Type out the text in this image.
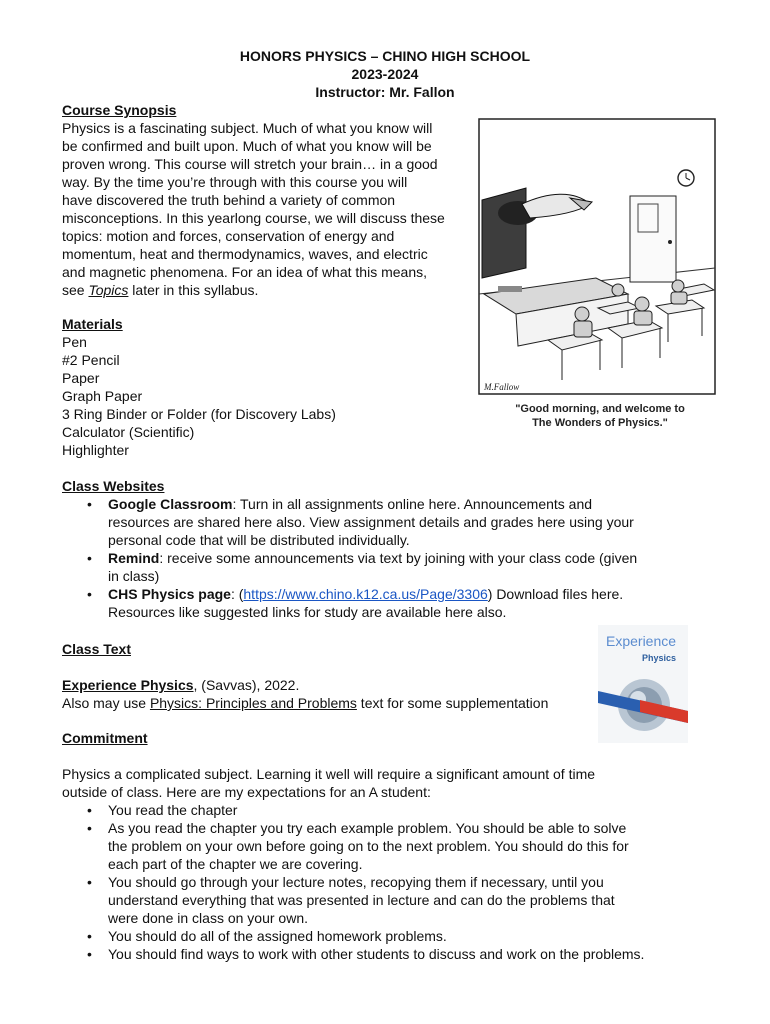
HONORS PHYSICS – CHINO HIGH SCHOOL
2023-2024
Instructor: Mr. Fallon
Course Synopsis
Physics is a fascinating subject. Much of what you know will
be confirmed and built upon. Much of what you know will be
proven wrong. This course will stretch your brain… in a good
way. By the time you’re through with this course you will
have discovered the truth behind a variety of common
misconceptions. In this yearlong course, we will discuss these
topics: motion and forces, conservation of energy and
momentum, heat and thermodynamics, waves, and electric
and magnetic phenomena. For an idea of what this means,
see Topics later in this syllabus.
M.Fallow
"Good morning, and welcome to
The Wonders of Physics."
Materials
Pen
#2 Pencil
Paper
Graph Paper
3 Ring Binder or Folder (for Discovery Labs)
Calculator (Scientific)
Highlighter
Class Websites
• Google Classroom: Turn in all assignments online here. Announcements and
resources are shared here also. View assignment details and grades here using your
personal code that will be distributed individually.
• Remind: receive some announcements via text by joining with your class code (given
in class)
• CHS Physics page: (https://www.chino.k12.ca.us/Page/3306) Download files here.
Resources like suggested links for study are available here also.
Class Text
Experience Physics, (Savvas), 2022.
Also may use Physics: Principles and Problems text for some supplementation
Experience
Physics
Commitment
Physics a complicated subject. Learning it well will require a significant amount of time
outside of class. Here are my expectations for an A student:
• You read the chapter
• As you read the chapter you try each example problem. You should be able to solve
the problem on your own before going on to the next problem. You should do this for
each part of the chapter we are covering.
• You should go through your lecture notes, recopying them if necessary, until you
understand everything that was presented in lecture and can do the problems that
were done in class on your own.
• You should do all of the assigned homework problems.
• You should find ways to work with other students to discuss and work on the problems.
